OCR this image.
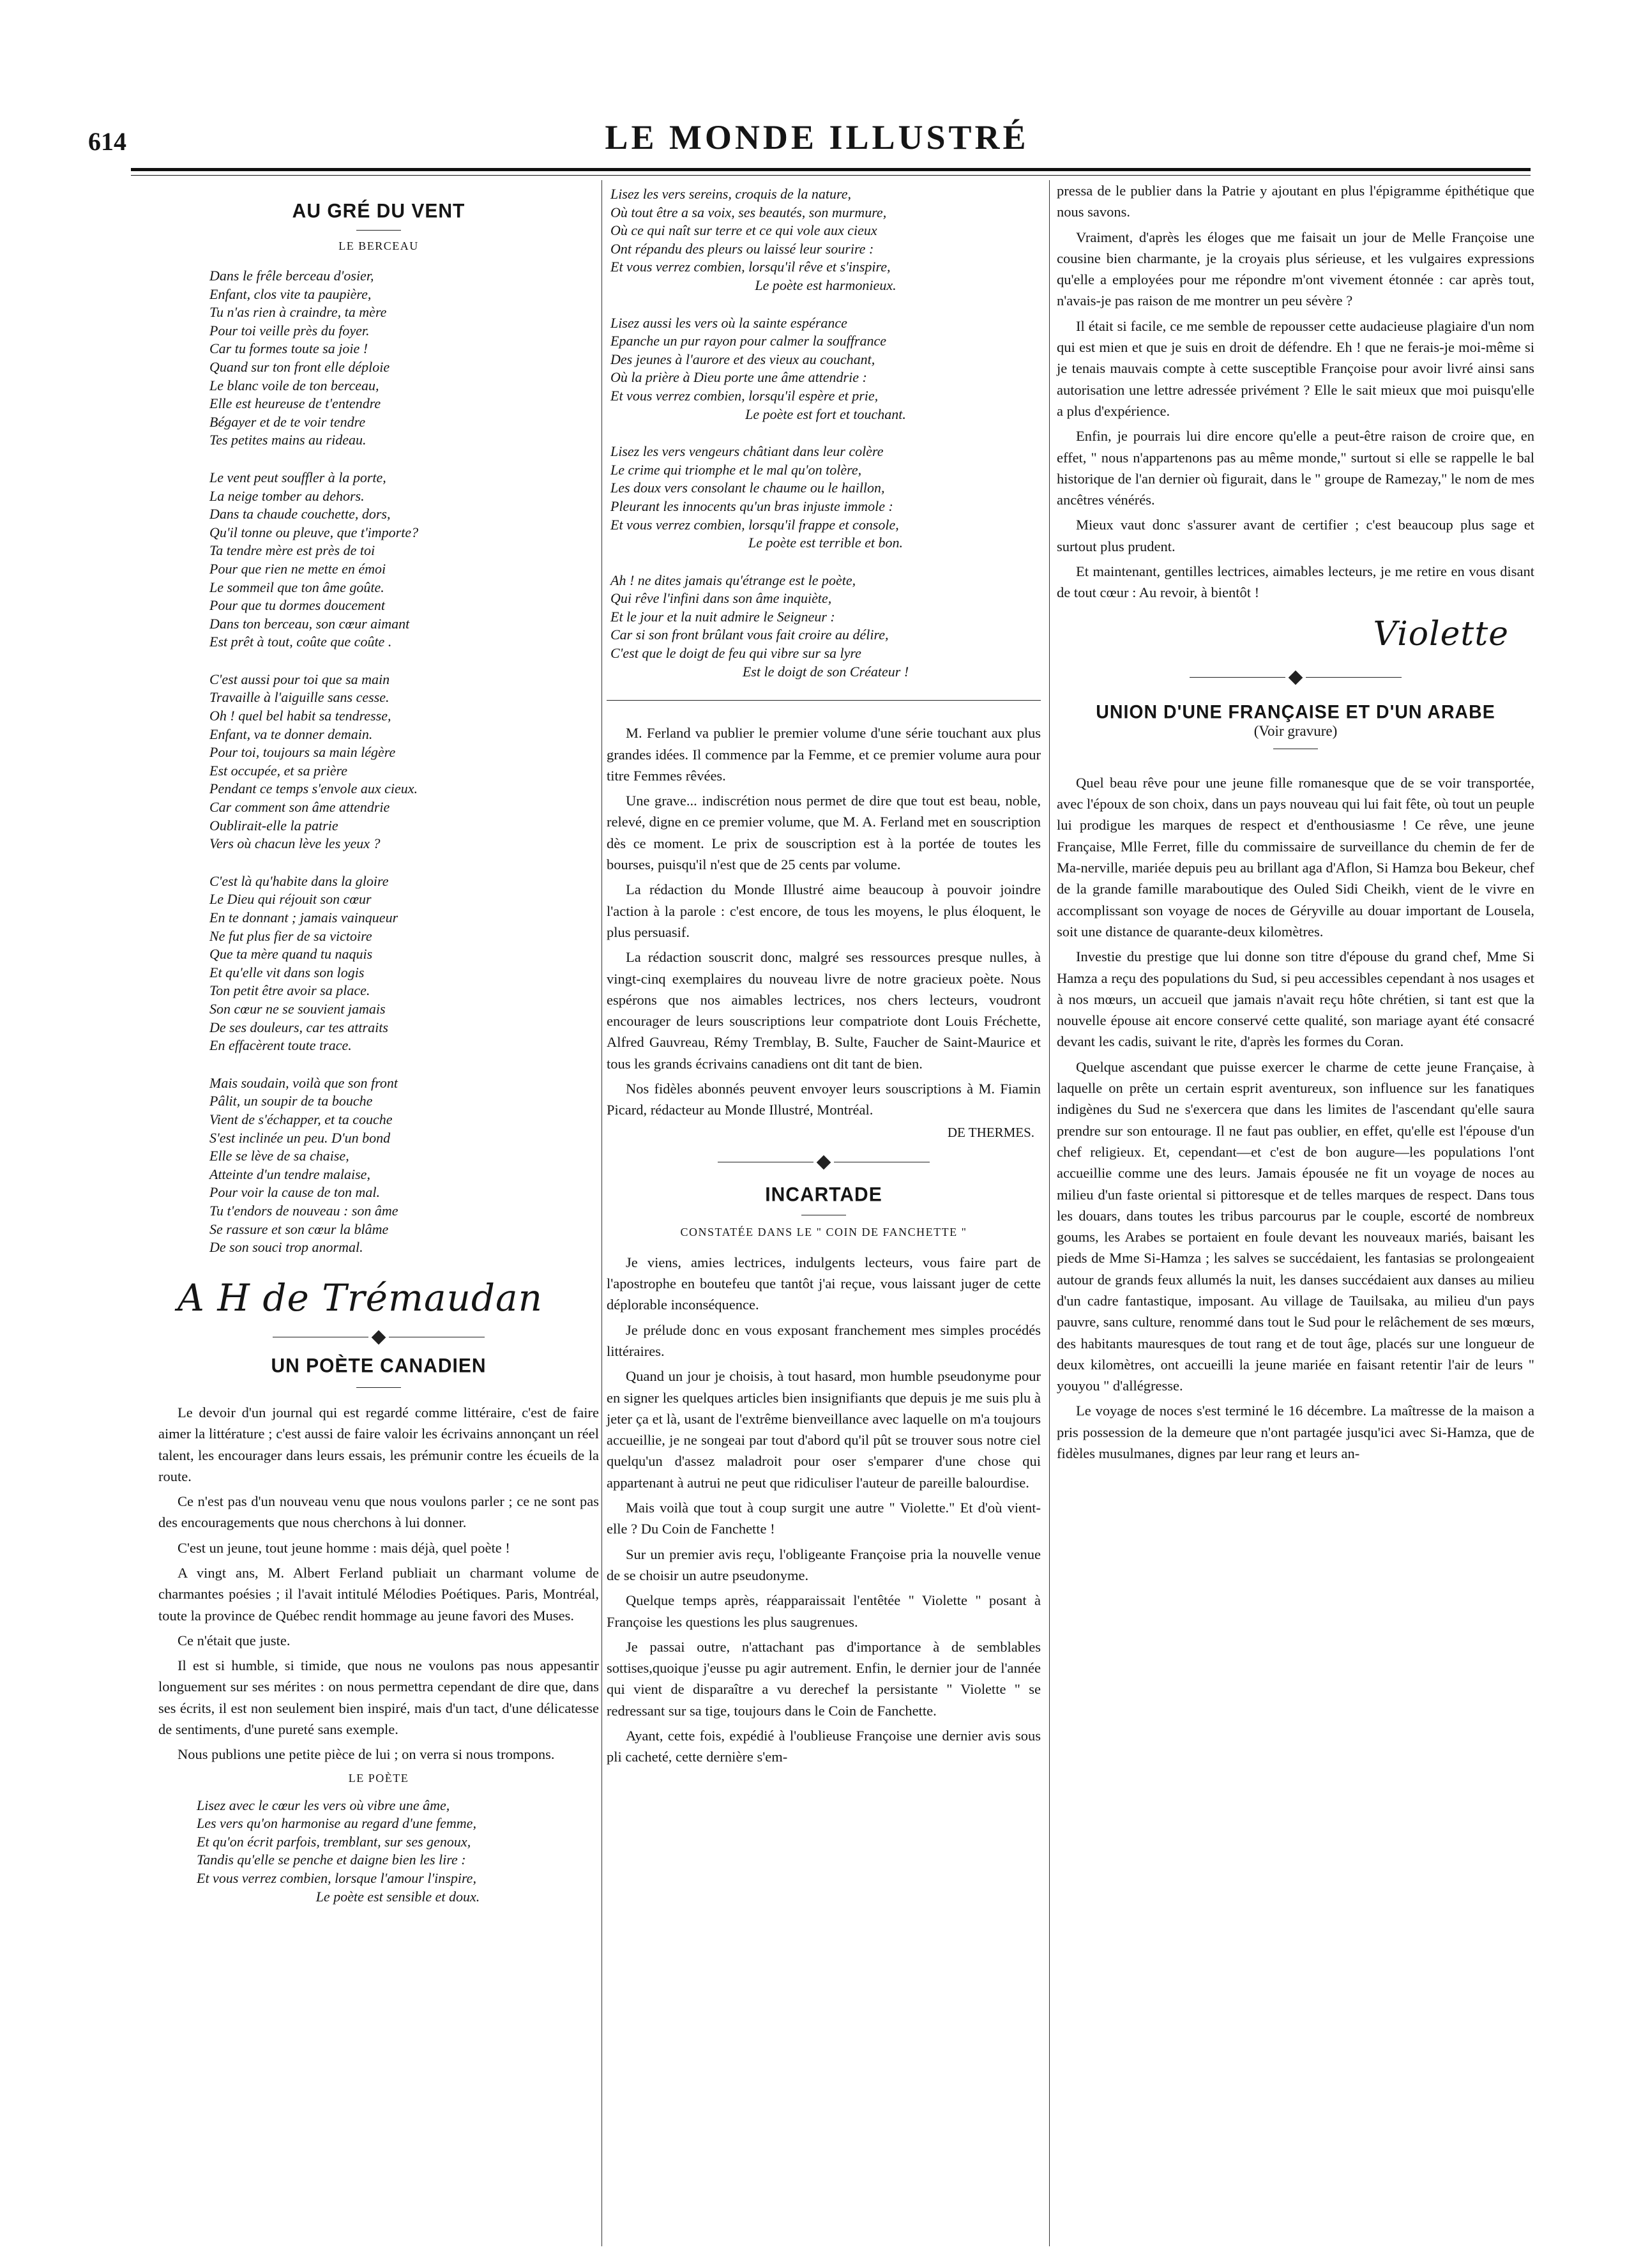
614	LE MONDE ILLUSTRÉ
AU GRÉ DU VENT

LE BERCEAU

Dans le frêle berceau d'osier,
Enfant, clos vite ta paupière,
Tu n'as rien à craindre, ta mère
Pour toi veille près du foyer.
Car tu formes toute sa joie !
Quand sur ton front elle déploie
Le blanc voile de ton berceau,
Elle est heureuse de t'entendre
Bégayer et de te voir tendre
Tes petites mains au rideau.
Le vent peut souffler à la porte,
La neige tomber au dehors.
Dans ta chaude couchette, dors,
Qu'il tonne ou pleuve, que t'importe?
Ta tendre mère est près de toi
Pour que rien ne mette en émoi
Le sommeil que ton âme goûte.
Pour que tu dormes doucement
Dans ton berceau, son cœur aimant
Est prêt à tout, coûte que coûte .
C'est aussi pour toi que sa main
Travaille à l'aiguille sans cesse.
Oh ! quel bel habit sa tendresse,
Enfant, va te donner demain.
Pour toi, toujours sa main légère
Est occupée, et sa prière
Pendant ce temps s'envole aux cieux.
Car comment son âme attendrie
Oublirait-elle la patrie
Vers où chacun lève les yeux ?
C'est là qu'habite dans la gloire
Le Dieu qui réjouit son cœur
En te donnant ; jamais vainqueur
Ne fut plus fier de sa victoire
Que ta mère quand tu naquis
Et qu'elle vit dans son logis
Ton petit être avoir sa place.
Son cœur ne se souvient jamais
De ses douleurs, car tes attraits
En effacèrent toute trace.
Mais soudain, voilà que son front
Pâlit, un soupir de ta bouche
Vient de s'échapper, et ta couche
S'est inclinée un peu. D'un bond
Elle se lève de sa chaise,
Atteinte d'un tendre malaise,
Pour voir la cause de ton mal.
Tu t'endors de nouveau : son âme
Se rassure et son cœur la blâme
De son souci trop anormal.
A H de Trémaudan
UN POÈTE CANADIEN

Le devoir d'un journal qui est regardé comme littéraire, c'est de faire aimer la littérature ; c'est aussi de faire valoir les écrivains annonçant un réel talent, les encourager dans leurs essais, les prémunir contre les écueils de la route.

Ce n'est pas d'un nouveau venu que nous voulons parler ; ce ne sont pas des encouragements que nous cherchons à lui donner.

C'est un jeune, tout jeune homme : mais déjà, quel poète !

A vingt ans, M. Albert Ferland publiait un charmant volume de charmantes poésies ; il l'avait intitulé Mélodies Poétiques. Paris, Montréal, toute la province de Québec rendit hommage au jeune favori des Muses.

Ce n'était que juste.

Il est si humble, si timide, que nous ne voulons pas nous appesantir longuement sur ses mérites : on nous permettra cependant de dire que, dans ses écrits, il est non seulement bien inspiré, mais d'un tact, d'une délicatesse de sentiments, d'une pureté sans exemple.

Nous publions une petite pièce de lui ; on verra si nous trompons.

LE POÈTE

Lisez avec le cœur les vers où vibre une âme,
Les vers qu'on harmonise au regard d'une femme,
Et qu'on écrit parfois, tremblant, sur ses genoux,
Tandis qu'elle se penche et daigne bien les lire :
Et vous verrez combien, lorsque l'amour l'inspire,
Le poète est sensible et doux.
Lisez les vers sereins, croquis de la nature,
Où tout être a sa voix, ses beautés, son murmure,
Où ce qui naît sur terre et ce qui vole aux cieux
Ont répandu des pleurs ou laissé leur sourire :
Et vous verrez combien, lorsqu'il rêve et s'inspire,
Le poète est harmonieux.
Lisez aussi les vers où la sainte espérance
Epanche un pur rayon pour calmer la souffrance
Des jeunes à l'aurore et des vieux au couchant,
Où la prière à Dieu porte une âme attendrie :
Et vous verrez combien, lorsqu'il espère et prie,
Le poète est fort et touchant.
Lisez les vers vengeurs châtiant dans leur colère
Le crime qui triomphe et le mal qu'on tolère,
Les doux vers consolant le chaume ou le haillon,
Pleurant les innocents qu'un bras injuste immole :
Et vous verrez combien, lorsqu'il frappe et console,
Le poète est terrible et bon.
Ah ! ne dites jamais qu'étrange est le poète,
Qui rêve l'infini dans son âme inquiète,
Et le jour et la nuit admire le Seigneur :
Car si son front brûlant vous fait croire au délire,
C'est que le doigt de feu qui vibre sur sa lyre
Est le doigt de son Créateur !

M. Ferland va publier le premier volume d'une série touchant aux plus grandes idées. Il commence par la Femme, et ce premier volume aura pour titre Femmes rêvées.

Une grave... indiscrétion nous permet de dire que tout est beau, noble, relevé, digne en ce premier volume, que M. A. Ferland met en souscription dès ce moment. Le prix de souscription est à la portée de toutes les bourses, puisqu'il n'est que de 25 cents par volume.

La rédaction du Monde Illustré aime beaucoup à pouvoir joindre l'action à la parole : c'est encore, de tous les moyens, le plus éloquent, le plus persuasif.

La rédaction souscrit donc, malgré ses ressources presque nulles, à vingt-cinq exemplaires du nouveau livre de notre gracieux poète. Nous espérons que nos aimables lectrices, nos chers lecteurs, voudront encourager de leurs souscriptions leur compatriote dont Louis Fréchette, Alfred Gauvreau, Rémy Tremblay, B. Sulte, Faucher de Saint-Maurice et tous les grands écrivains canadiens ont dit tant de bien.

Nos fidèles abonnés peuvent envoyer leurs souscriptions à M. Fiamin Picard, rédacteur au Monde Illustré, Montréal.

DE THERMES.
INCARTADE

CONSTATÉE DANS LE " COIN DE FANCHETTE "

Je viens, amies lectrices, indulgents lecteurs, vous faire part de l'apostrophe en boutefeu que tantôt j'ai reçue, vous laissant juger de cette déplorable inconséquence.

Je prélude donc en vous exposant franchement mes simples procédés littéraires.

Quand un jour je choisis, à tout hasard, mon humble pseudonyme pour en signer les quelques articles bien insignifiants que depuis je me suis plu à jeter ça et là, usant de l'extrême bienveillance avec laquelle on m'a toujours accueillie, je ne songeai par tout d'abord qu'il pût se trouver sous notre ciel quelqu'un d'assez maladroit pour oser s'emparer d'une chose qui appartenant à autrui ne peut que ridiculiser l'auteur de pareille balourdise.

Mais voilà que tout à coup surgit une autre " Violette." Et d'où vient-elle ? Du Coin de Fanchette !

Sur un premier avis reçu, l'obligeante Françoise pria la nouvelle venue de se choisir un autre pseudonyme.

Quelque temps après, réapparaissait l'entêtée " Violette " posant à Françoise les questions les plus saugrenues.

Je passai outre, n'attachant pas d'importance à de semblables sottises,quoique j'eusse pu agir autrement. Enfin, le dernier jour de l'année qui vient de disparaître a vu derechef la persistante " Violette " se redressant sur sa tige, toujours dans le Coin de Fanchette.

Ayant, cette fois, expédié à l'oublieuse Françoise une dernier avis sous pli cacheté, cette dernière s'em-

pressa de le publier dans la Patrie y ajoutant en plus l'épigramme épithétique que nous savons.

Vraiment, d'après les éloges que me faisait un jour de Melle Françoise une cousine bien charmante, je la croyais plus sérieuse, et les vulgaires expressions qu'elle a employées pour me répondre m'ont vivement étonnée : car après tout, n'avais-je pas raison de me montrer un peu sévère ?

Il était si facile, ce me semble de repousser cette audacieuse plagiaire d'un nom qui est mien et que je suis en droit de défendre. Eh ! que ne ferais-je moi-même si je tenais mauvais compte à cette susceptible Françoise pour avoir livré ainsi sans autorisation une lettre adressée privément ? Elle le sait mieux que moi puisqu'elle a plus d'expérience.

Enfin, je pourrais lui dire encore qu'elle a peut-être raison de croire que, en effet, " nous n'appartenons pas au même monde," surtout si elle se rappelle le bal historique de l'an dernier où figurait, dans le " groupe de Ramezay," le nom de mes ancêtres vénérés.

Mieux vaut donc s'assurer avant de certifier ; c'est beaucoup plus sage et surtout plus prudent.

Et maintenant, gentilles lectrices, aimables lecteurs, je me retire en vous disant de tout cœur : Au revoir, à bientôt !

Violette
UNION D'UNE FRANÇAISE ET D'UN ARABE

(Voir gravure)

Quel beau rêve pour une jeune fille romanesque que de se voir transportée, avec l'époux de son choix, dans un pays nouveau qui lui fait fête, où tout un peuple lui prodigue les marques de respect et d'enthousiasme ! Ce rêve, une jeune Française, Mlle Ferret, fille du commissaire de surveillance du chemin de fer de Ma-nerville, mariée depuis peu au brillant aga d'Aflon, Si Hamza bou Bekeur, chef de la grande famille maraboutique des Ouled Sidi Cheikh, vient de le vivre en accomplissant son voyage de noces de Géryville au douar important de Lousela, soit une distance de quarante-deux kilomètres.

Investie du prestige que lui donne son titre d'épouse du grand chef, Mme Si Hamza a reçu des populations du Sud, si peu accessibles cependant à nos usages et à nos mœurs, un accueil que jamais n'avait reçu hôte chrétien, si tant est que la nouvelle épouse ait encore conservé cette qualité, son mariage ayant été consacré devant les cadis, suivant le rite, d'après les formes du Coran.

Quelque ascendant que puisse exercer le charme de cette jeune Française, à laquelle on prête un certain esprit aventureux, son influence sur les fanatiques indigènes du Sud ne s'exercera que dans les limites de l'ascendant qu'elle saura prendre sur son entourage. Il ne faut pas oublier, en effet, qu'elle est l'épouse d'un chef religieux. Et, cependant—et c'est de bon augure—les populations l'ont accueillie comme une des leurs. Jamais épousée ne fit un voyage de noces au milieu d'un faste oriental si pittoresque et de telles marques de respect. Dans tous les douars, dans toutes les tribus parcourus par le couple, escorté de nombreux goums, les Arabes se portaient en foule devant les nouveaux mariés, baisant les pieds de Mme Si-Hamza ; les salves se succédaient, les fantasias se prolongeaient autour de grands feux allumés la nuit, les danses succédaient aux danses au milieu d'un cadre fantastique, imposant. Au village de Tauilsaka, au milieu d'un pays pauvre, sans culture, renommé dans tout le Sud pour le relâchement de ses mœurs, des habitants mauresques de tout rang et de tout âge, placés sur une longueur de deux kilomètres, ont accueilli la jeune mariée en faisant retentir l'air de leurs " youyou " d'allégresse.

Le voyage de noces s'est terminé le 16 décembre. La maîtresse de la maison a pris possession de la demeure que n'ont partagée jusqu'ici avec Si-Hamza, que de fidèles musulmanes, dignes par leur rang et leurs an-
